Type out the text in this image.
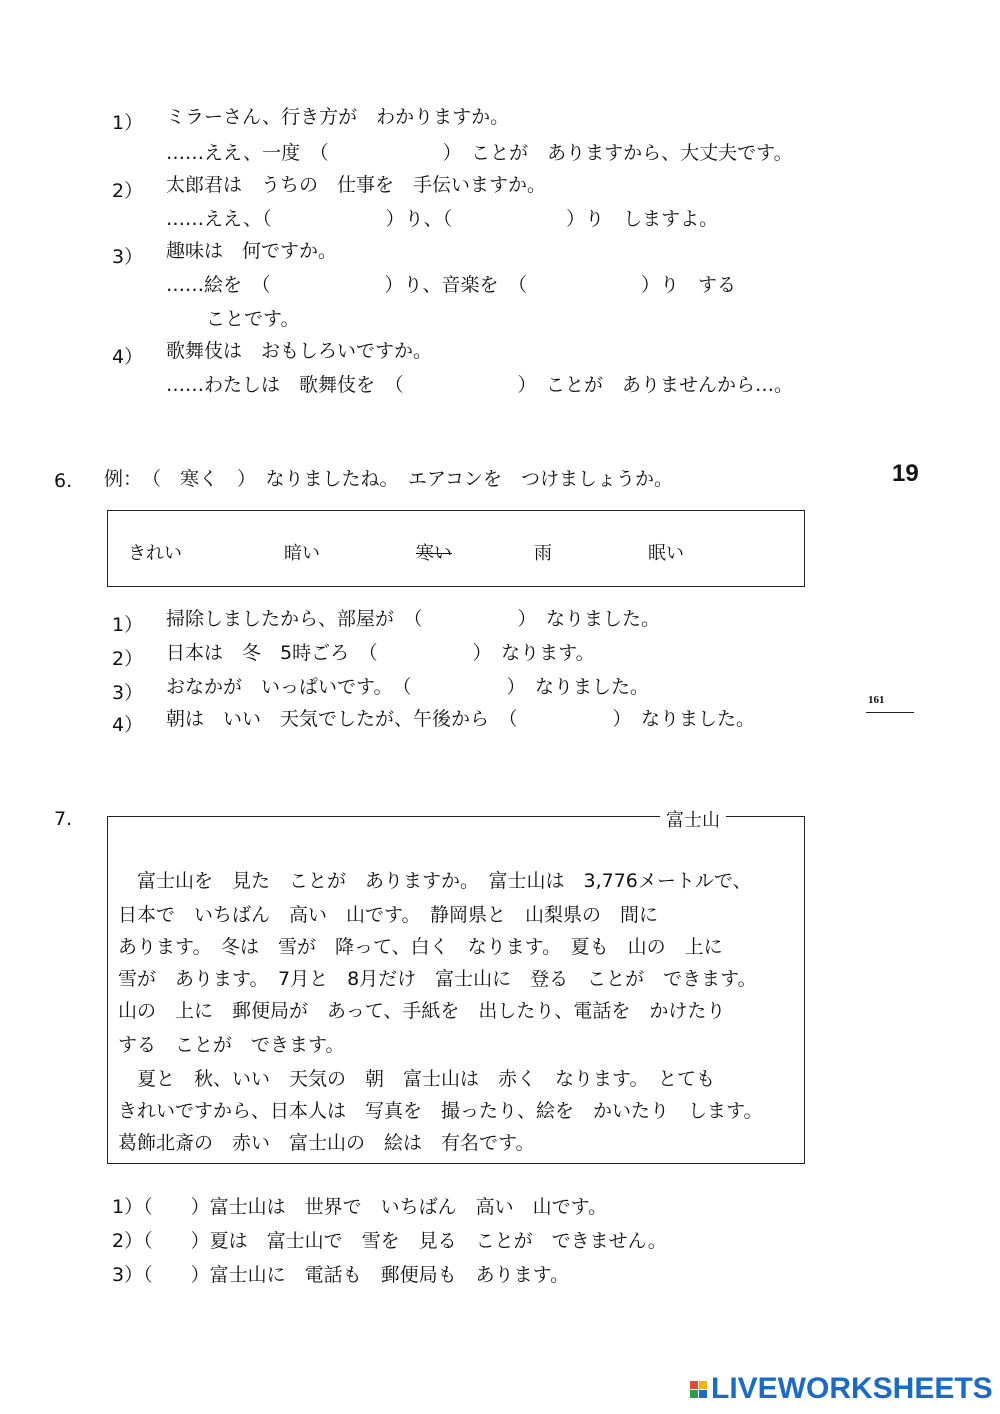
1） ミラーさん、行き方が　わかりますか。
……ええ、一度　（　　　　　　）　ことが　ありますから、大丈夫です。
2） 太郎君は　うちの　仕事を　手伝いますか。
……ええ、（　　　　　　）り、（　　　　　　）り　しますよ。
3） 趣味は　何ですか。
……絵を　（　　　　　　）り、音楽を　（　　　　　　）り　する
ことです。
4） 歌舞伎は　おもしろいですか。
……わたしは　歌舞伎を　（　　　　　　）　ことが　ありませんから…。
6. 例：　（　寒く　）　なりましたね。　エアコンを　つけましょうか。	19
きれい	暗い	寒い	雨	眠い
1） 掃除しましたから、部屋が　（　　　　　）　なりました。
2） 日本は　冬　5時ごろ　（　　　　　）　なります。
3） おなかが　いっぱいです。　（　　　　　）　なりました。
4） 朝は　いい　天気でしたが、午後から　（　　　　　）　なりました。
161
7.	富士山
　富士山を　見た　ことが　ありますか。　富士山は　3,776メートルで、
日本で　いちばん　高い　山です。　静岡県と　山梨県の　間に
あります。　冬は　雪が　降って、白く　なります。　夏も　山の　上に
雪が　あります。　7月と　8月だけ　富士山に　登る　ことが　できます。
山の　上に　郵便局が　あって、手紙を　出したり、電話を　かけたり
する　ことが　できます。
　夏と　秋、いい　天気の　朝　富士山は　赤く　なります。　とても
きれいですから、日本人は　写真を　撮ったり、絵を　かいたり　します。
葛飾北斎の　赤い　富士山の　絵は　有名です。
1）（　　）富士山は　世界で　いちばん　高い　山です。
2）（　　）夏は　富士山で　雪を　見る　ことが　できません。
3）（　　）富士山に　電話も　郵便局も　あります。
LIVEWORKSHEETS
